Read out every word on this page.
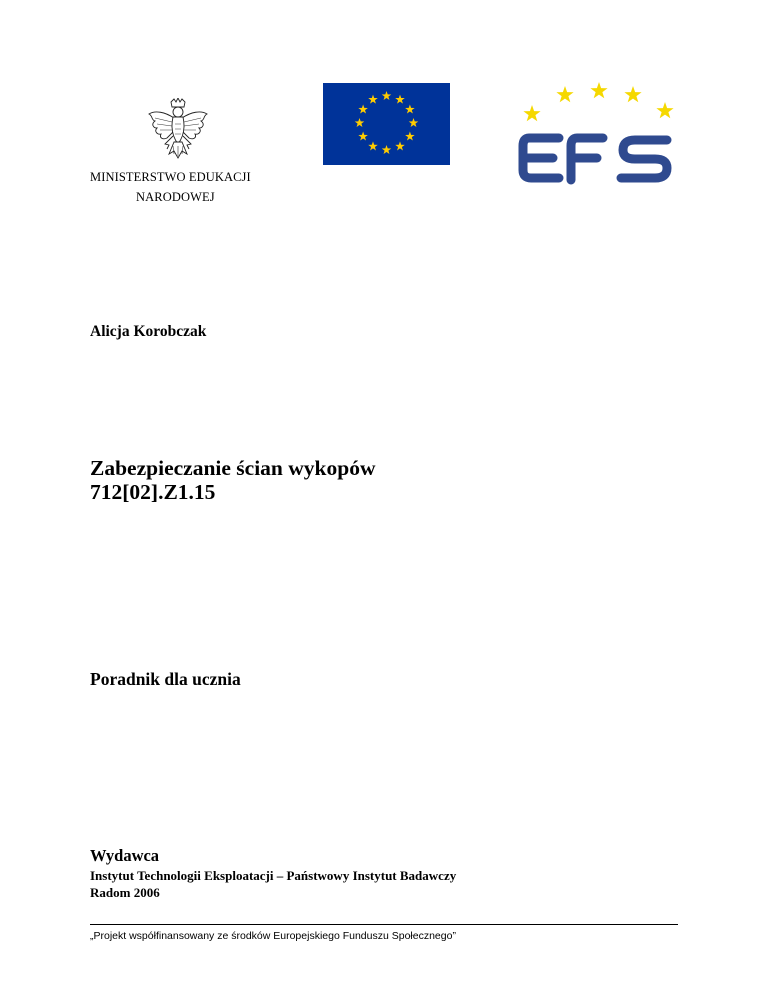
MINISTERSTWO EDUKACJI
NARODOWEJ
Alicja Korobczak
Zabezpieczanie ścian wykopów
712[02].Z1.15
Poradnik dla ucznia
Wydawca
Instytut Technologii Eksploatacji – Państwowy Instytut Badawczy
Radom 2006
„Projekt współfinansowany ze środków Europejskiego Funduszu Społecznego”
